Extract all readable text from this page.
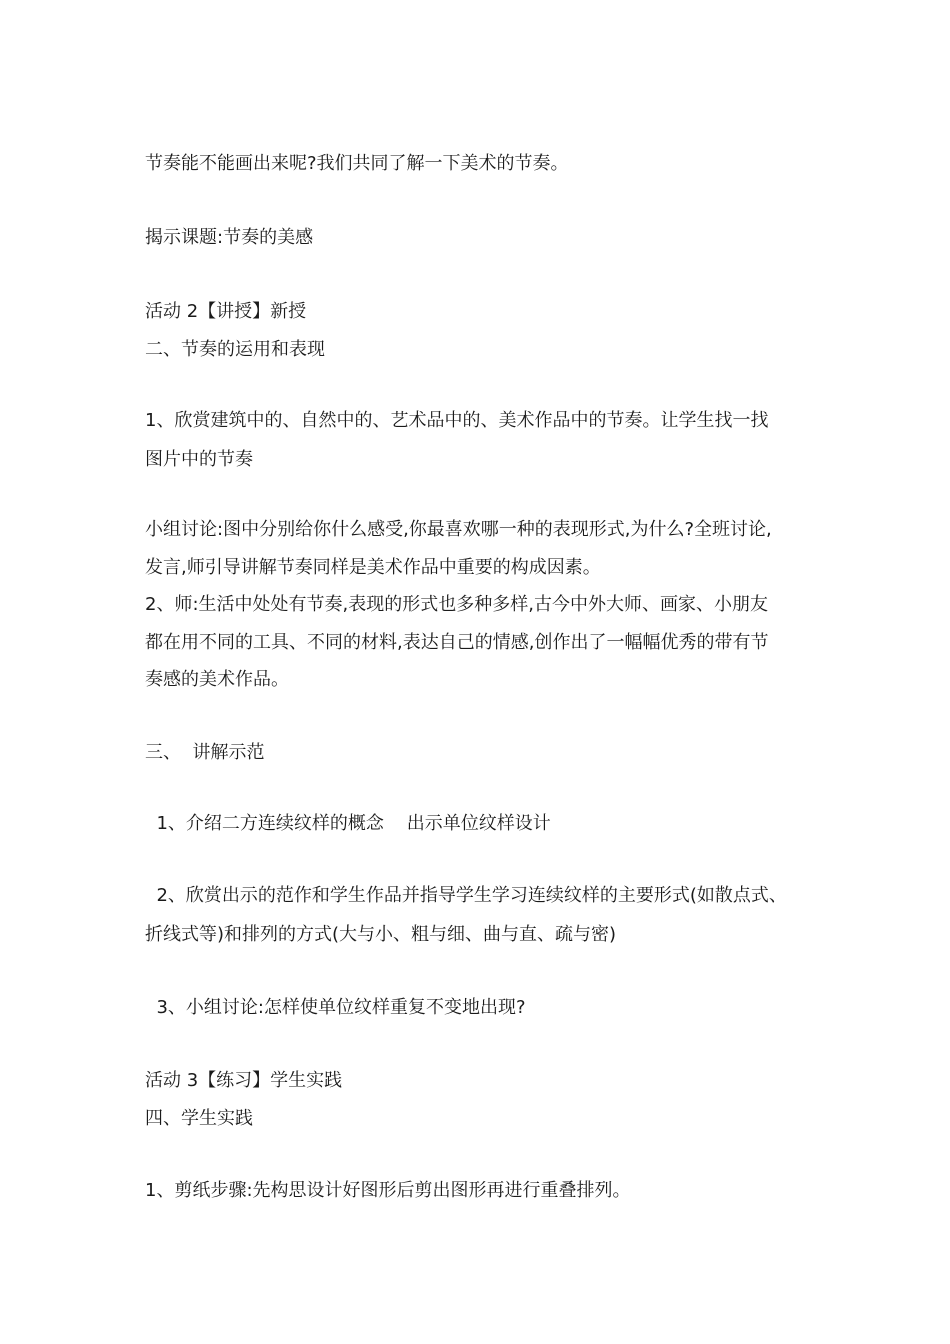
节奏能不能画出来呢?我们共同了解一下美术的节奏。
揭示课题:节奏的美感
活动 2【讲授】新授
二、节奏的运用和表现
1、欣赏建筑中的、自然中的、艺术品中的、美术作品中的节奏。让学生找一找
图片中的节奏
小组讨论:图中分别给你什么感受,你最喜欢哪一种的表现形式,为什么?全班讨论,
发言,师引导讲解节奏同样是美术作品中重要的构成因素。
2、师:生活中处处有节奏,表现的形式也多种多样,古今中外大师、画家、小朋友
都在用不同的工具、不同的材料,表达自己的情感,创作出了一幅幅优秀的带有节
奏感的美术作品。
三、  讲解示范
1、介绍二方连续纹样的概念    出示单位纹样设计
2、欣赏出示的范作和学生作品并指导学生学习连续纹样的主要形式(如散点式、
折线式等)和排列的方式(大与小、粗与细、曲与直、疏与密)
3、小组讨论:怎样使单位纹样重复不变地出现?
活动 3【练习】学生实践
四、学生实践
1、剪纸步骤:先构思设计好图形后剪出图形再进行重叠排列。
